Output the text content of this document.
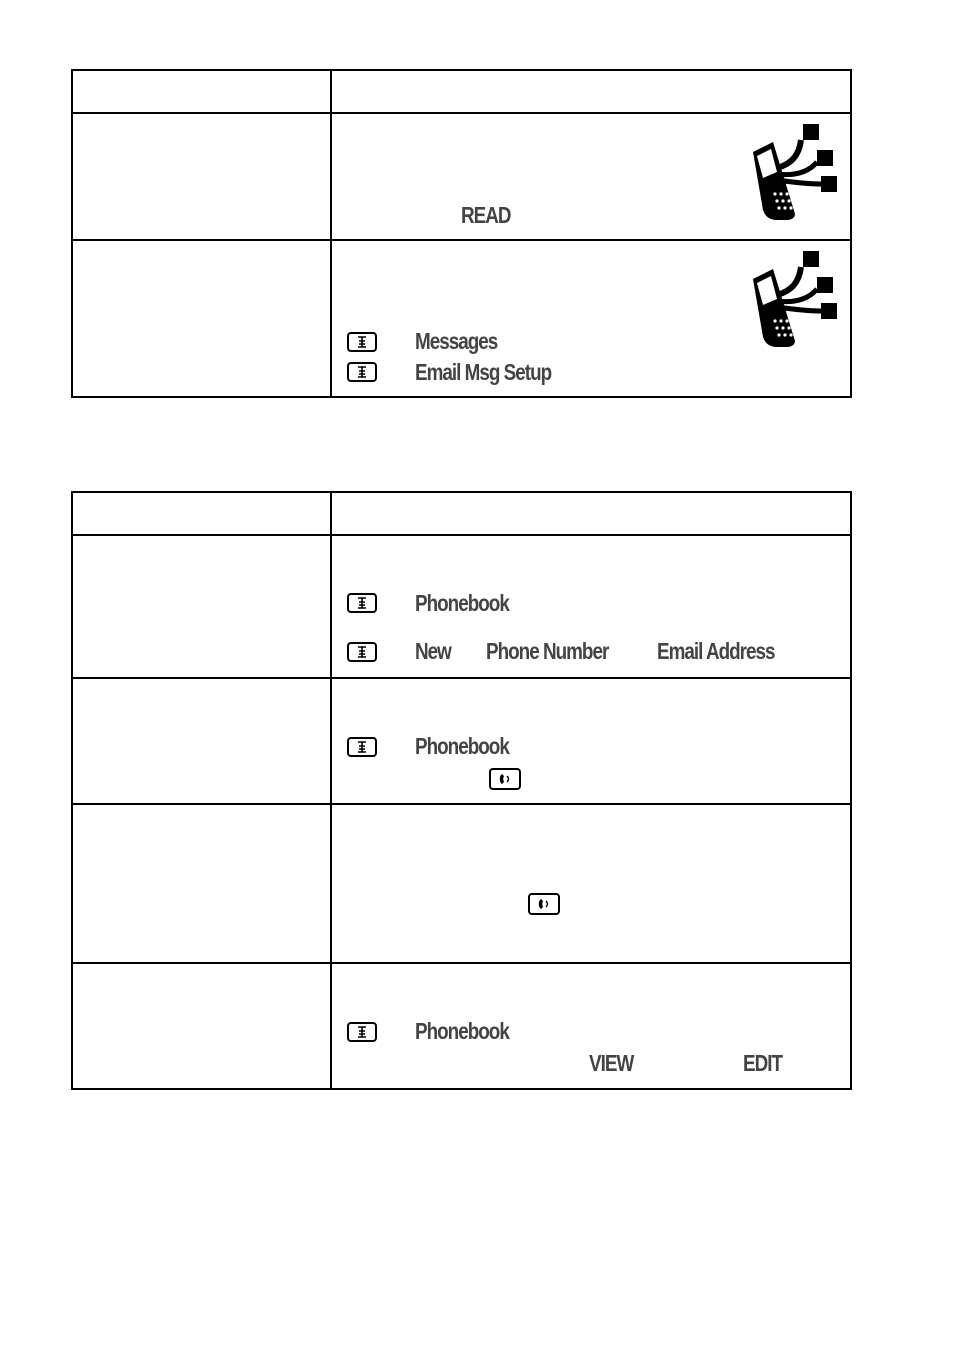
READ
Messages
Email Msg Setup
Phonebook
New Phone Number Email Address
Phonebook
Phonebook
VIEW	EDIT
